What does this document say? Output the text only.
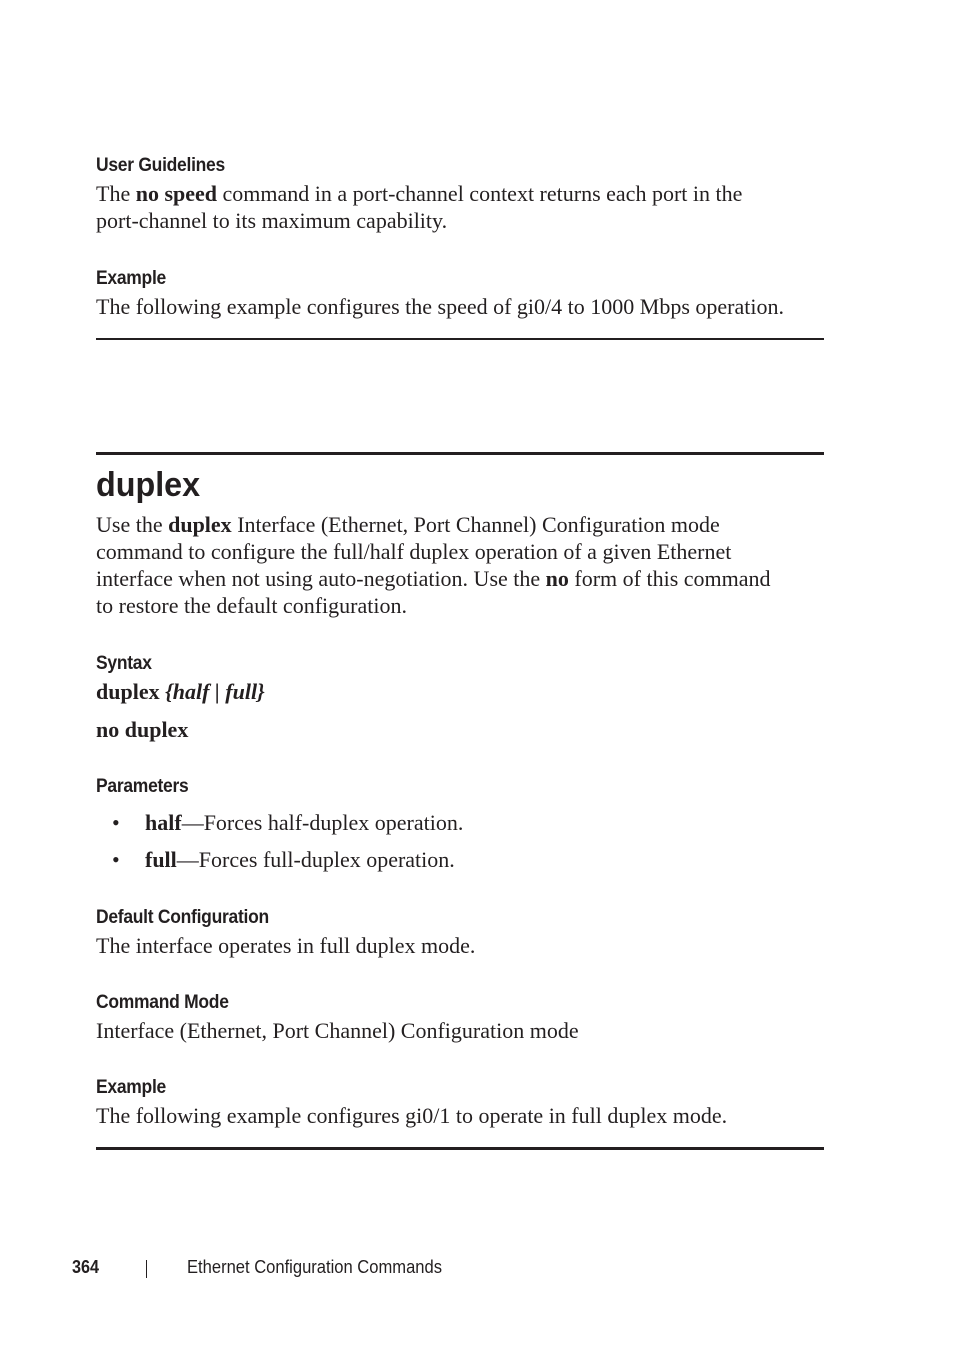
User Guidelines
The no speed command in a port-channel context returns each port in the
port-channel to its maximum capability.
Example
The following example configures the speed of gi0/4 to 1000 Mbps operation.
duplex
Use the duplex Interface (Ethernet, Port Channel) Configuration mode
command to configure the full/half duplex operation of a given Ethernet
interface when not using auto-negotiation. Use the no form of this command
to restore the default configuration.
Syntax
duplex {half | full}
no duplex
Parameters
• half—Forces half-duplex operation.
• full—Forces full-duplex operation.
Default Configuration
The interface operates in full duplex mode.
Command Mode
Interface (Ethernet, Port Channel) Configuration mode
Example
The following example configures gi0/1 to operate in full duplex mode.
364	Ethernet Configuration Commands
